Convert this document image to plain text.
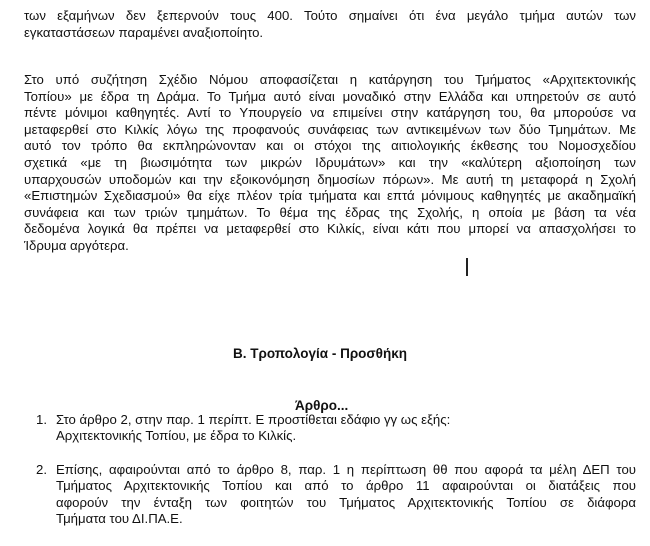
των εξαμήνων δεν ξεπερνούν τους 400. Τούτο σημαίνει ότι ένα μεγάλο τμήμα αυτών των
εγκαταστάσεων παραμένει αναξιοποίητο.
Στο υπό συζήτηση Σχέδιο Νόμου αποφασίζεται η κατάργηση του Τμήματος «Αρχιτεκτονικής
Τοπίου» με έδρα τη Δράμα. Το Τμήμα αυτό είναι μοναδικό στην Ελλάδα και υπηρετούν σε αυτό
πέντε μόνιμοι καθηγητές. Αντί το Υπουργείο να επιμείνει στην κατάργηση του, θα μπορούσε να
μεταφερθεί στο Κιλκίς λόγω της προφανούς συνάφειας των αντικειμένων των δύο Τμημάτων. Με
αυτό τον τρόπο θα εκπληρώνονταν και οι στόχοι της αιτιολογικής έκθεσης του Νομοσχεδίου
σχετικά «με τη βιωσιμότητα των μικρών Ιδρυμάτων» και την «καλύτερη αξιοποίηση των
υπαρχουσών υποδομών και την εξοικονόμηση δημοσίων πόρων». Με αυτή τη μεταφορά η Σχολή
«Επιστημών Σχεδιασμού» θα είχε πλέον τρία τμήματα και επτά μόνιμους καθηγητές με ακαδημαϊκή
συνάφεια και των τριών τμημάτων. Το θέμα της έδρας της Σχολής, η οποία με βάση τα νέα
δεδομένα λογικά θα πρέπει να μεταφερθεί στο Κιλκίς, είναι κάτι που μπορεί να απασχολήσει το
Ίδρυμα αργότερα.

Β. Τροπολογία - Προσθήκη

Άρθρο...

1. Στο άρθρο 2, στην παρ. 1 περίπτ. Ε προστίθεται εδάφιο γγ ως εξής:
Αρχιτεκτονικής Τοπίου, με έδρα το Κιλκίς.
2. Επίσης, αφαιρούνται από το άρθρο 8, παρ. 1 η περίπτωση θθ που αφορά τα μέλη ΔΕΠ του
Τμήματος Αρχιτεκτονικής Τοπίου και από το άρθρο 11 αφαιρούνται οι διατάξεις που
αφορούν την ένταξη των φοιτητών του Τμήματος Αρχιτεκτονικής Τοπίου σε διάφορα
Τμήματα του ΔΙ.ΠΑ.Ε.
